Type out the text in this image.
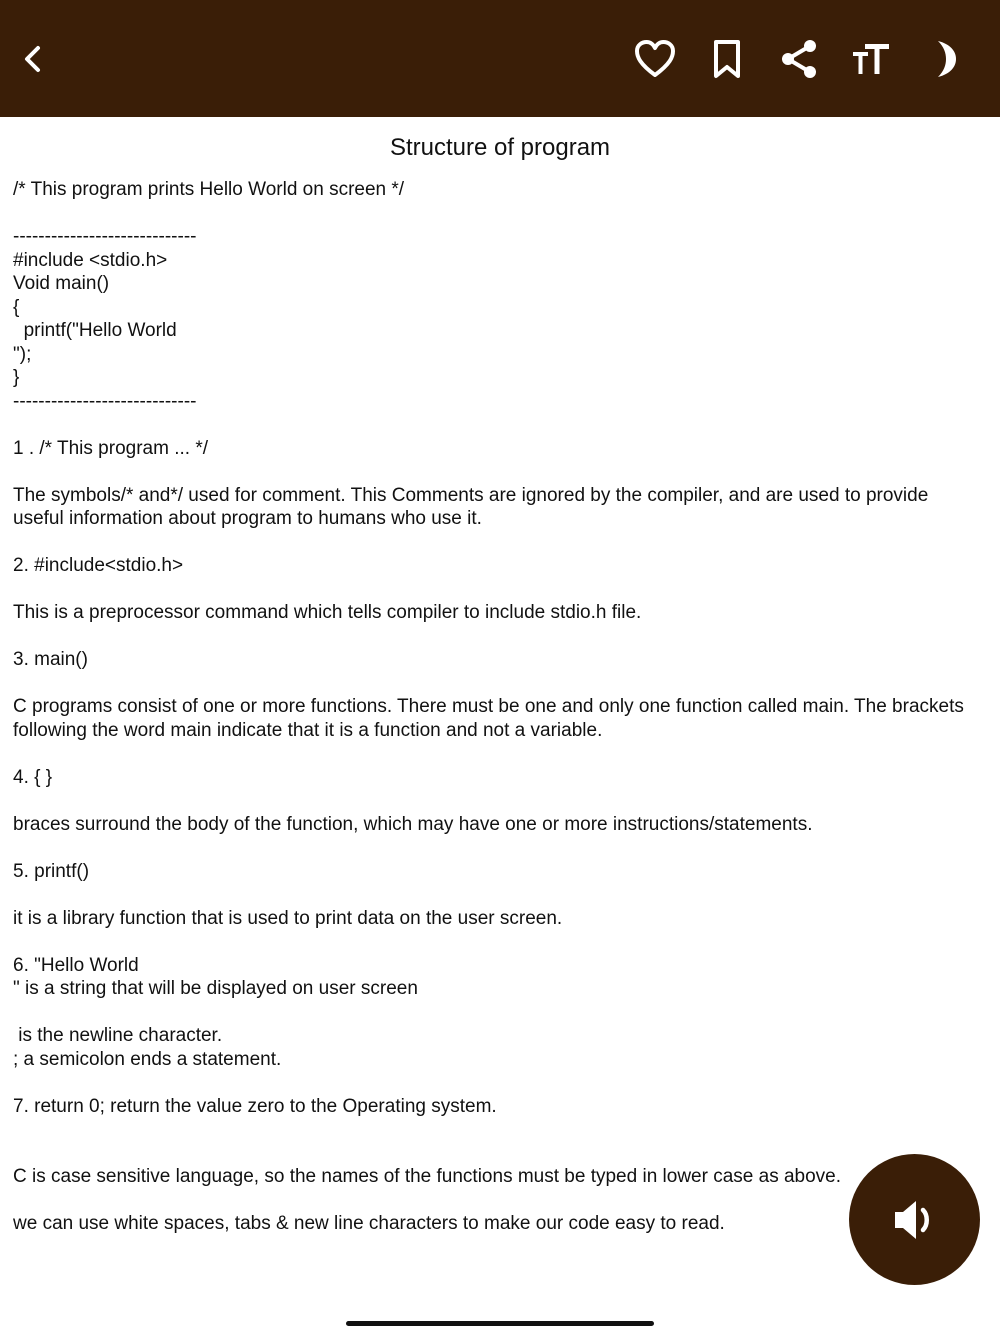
Structure of program

/* This program prints Hello World on screen */

-----------------------------

#include <stdio.h>

Void main()

{

printf("Hello World

");

}

-----------------------------

1 . /* This program ... */

The symbols/* and*/ used for comment. This Comments are ignored by the compiler, and are used to provide useful information about program to humans who use it.

2. #include<stdio.h>

This is a preprocessor command which tells compiler to include stdio.h file.

3. main()

C programs consist of one or more functions. There must be one and only one function called main. The brackets following the word main indicate that it is a function and not a variable.

4. { }

braces surround the body of the function, which may have one or more instructions/statements.

5. printf()

it is a library function that is used to print data on the user screen.

6. "Hello World

" is a string that will be displayed on user screen

is the newline character.

; a semicolon ends a statement.

7. return 0; return the value zero to the Operating system.

C is case sensitive language, so the names of the functions must be typed in lower case as above.

we can use white spaces, tabs & new line characters to make our code easy to read.
